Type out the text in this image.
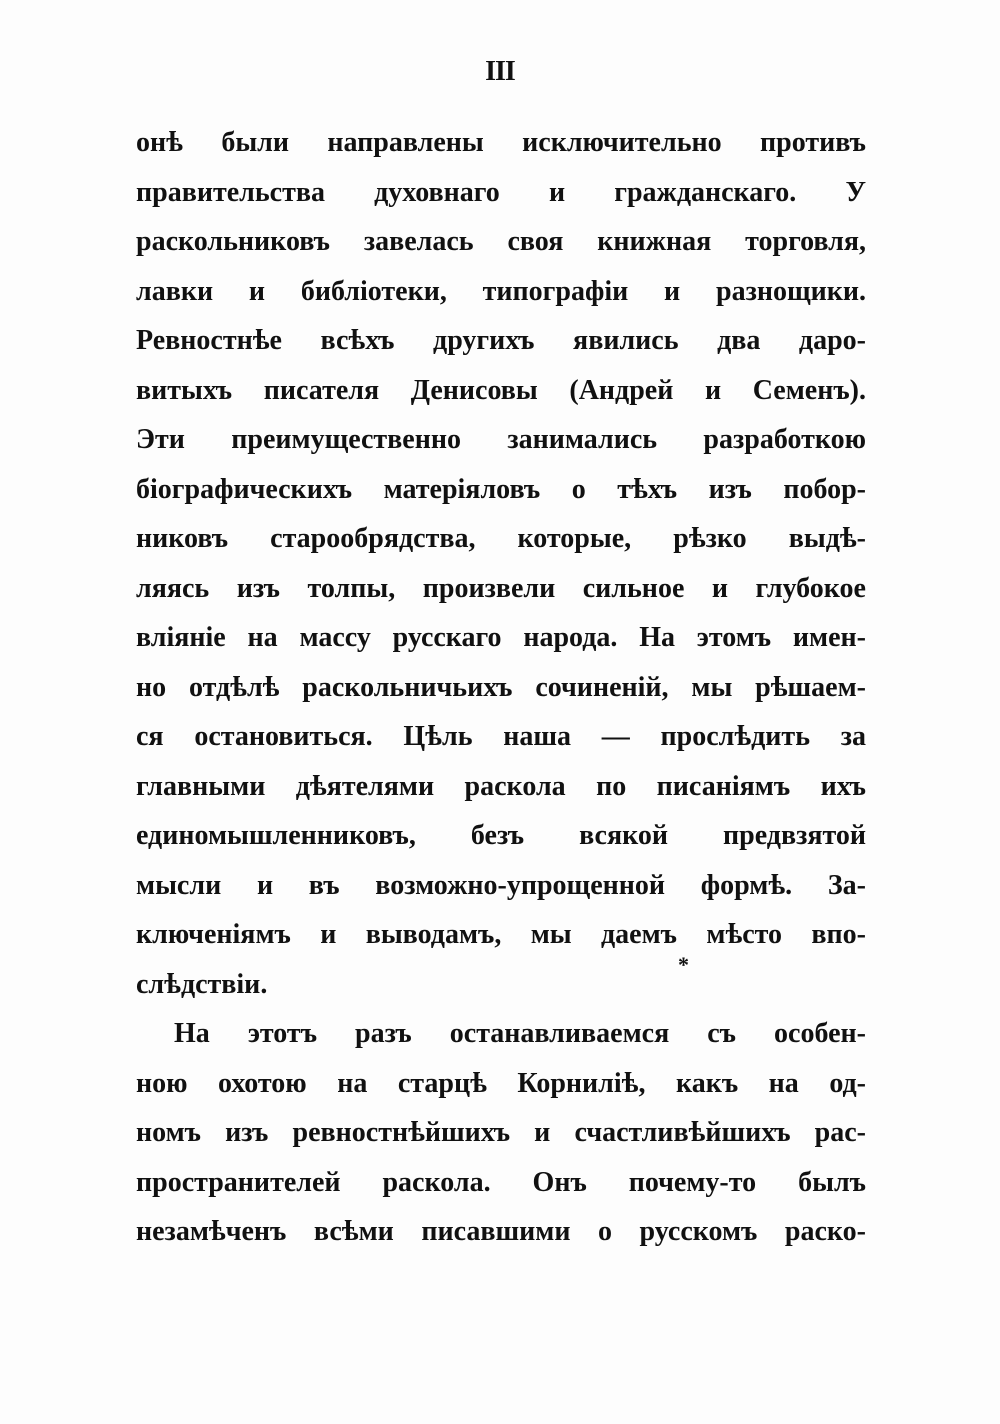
III
онѣ были направлены исключительно противъ
правительства духовнаго и гражданскаго. У
раскольниковъ завелась своя книжная торговля,
лавки и библіотеки, типографіи и разнощики.
Ревностнѣе всѣхъ другихъ явились два даро-
витыхъ писателя Денисовы (Андрей и Семенъ).
Эти преимущественно занимались разработкою
біографическихъ матеріяловъ о тѣхъ изъ побор-
никовъ старообрядства, которые, рѣзко выдѣ-
ляясь изъ толпы, произвели сильное и глубокое
вліяніе на массу русскаго народа. На этомъ имен-
но отдѣлѣ раскольничьихъ сочиненій, мы рѣшаем-
ся остановиться. Цѣль наша — прослѣдить за
главными дѣятелями раскола по писаніямъ ихъ
единомышленниковъ, безъ всякой предвзятой
мысли и въ возможно-упрощенной формѣ. За-
ключеніямъ и выводамъ, мы даемъ мѣсто впо-
слѣдствіи.
На этотъ разъ останавливаемся съ особен-
ною охотою на старцѣ Корниліѣ, какъ на од-
номъ изъ ревностнѣйшихъ и счастливѣйшихъ рас-
пространителей раскола. Онъ почему-то былъ
незамѣченъ всѣми писавшими о русскомъ раско-
*
